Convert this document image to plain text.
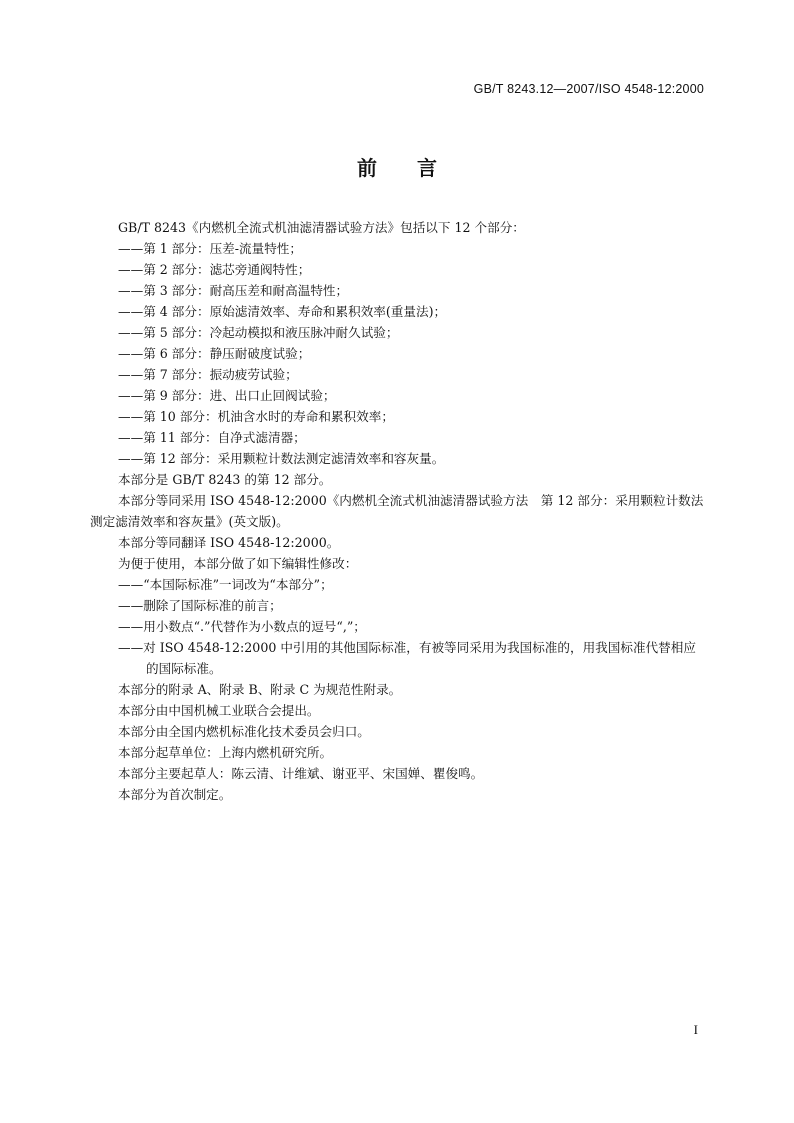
GB/T 8243.12—2007/ISO 4548-12:2000
前 言

GB/T 8243《内燃机全流式机油滤清器试验方法》包括以下 12 个部分：

——第 1 部分：压差-流量特性；

——第 2 部分：滤芯旁通阀特性；

——第 3 部分：耐高压差和耐高温特性；

——第 4 部分：原始滤清效率、寿命和累积效率(重量法)；

——第 5 部分：冷起动模拟和液压脉冲耐久试验；

——第 6 部分：静压耐破度试验；

——第 7 部分：振动疲劳试验；

——第 9 部分：进、出口止回阀试验；

——第 10 部分：机油含水时的寿命和累积效率；

——第 11 部分：自净式滤清器；

——第 12 部分：采用颗粒计数法测定滤清效率和容灰量。

本部分是 GB/T 8243 的第 12 部分。

本部分等同采用 ISO 4548-12:2000《内燃机全流式机油滤清器试验方法　第 12 部分：采用颗粒计数法测定滤清效率和容灰量》(英文版)。

本部分等同翻译 ISO 4548-12:2000。

为便于使用，本部分做了如下编辑性修改：

——“本国际标准”一词改为“本部分”；

——删除了国际标准的前言；

——用小数点“.”代替作为小数点的逗号“,”；

——对 ISO 4548-12:2000 中引用的其他国际标准，有被等同采用为我国标准的，用我国标准代替相应的国际标准。

本部分的附录 A、附录 B、附录 C 为规范性附录。

本部分由中国机械工业联合会提出。

本部分由全国内燃机标准化技术委员会归口。

本部分起草单位：上海内燃机研究所。

本部分主要起草人：陈云清、计维斌、谢亚平、宋国婵、瞿俊鸣。

本部分为首次制定。

I
